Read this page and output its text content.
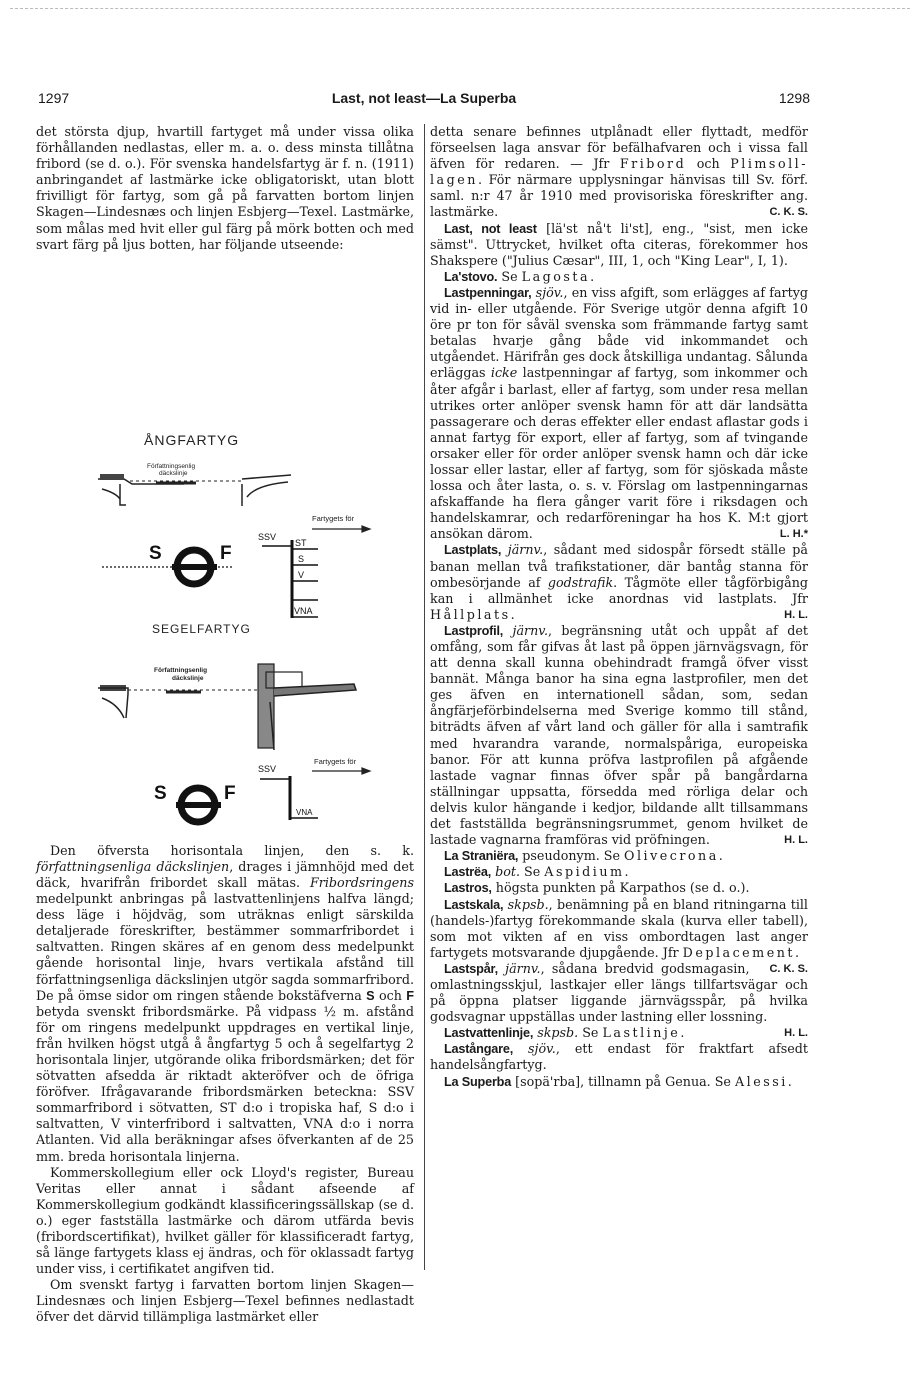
1297	Last, not least—La Superba	1298

det största djup, hvartill fartyget må under vissa olika förhållanden nedlastas, eller m. a. o. dess minsta tillåtna fribord (se d. o.). För svenska handelsfartyg är f. n. (1911) anbringandet af lastmärke icke obligatoriskt, utan blott frivilligt för fartyg, som gå på farvatten bortom linjen Skagen—Lindesnæs och linjen Esbjerg—Texel. Lastmärke, som målas med hvit eller gul färg på mörk botten och med svart färg på ljus botten, har följande utseende:

ÅNGFARTYG
Författningsenlig
däckslinje
Fartygets för
S	F
SSV
ST
S
V
VNA
SEGELFARTYG
Författningsenlig
däckslinje
Fartygets för
S	F
SSV
VNA

Den öfversta horisontala linjen, den s. k. författningsenliga däckslinjen, drages i jämnhöjd med det däck, hvarifrån fribordet skall mätas. Fribordsringens medelpunkt anbringas på lastvattenlinjens halfva längd; dess läge i höjdväg, som uträknas enligt särskilda detaljerade föreskrifter, bestämmer sommarfribordet i saltvatten. Ringen skäres af en genom dess medelpunkt gående horisontal linje, hvars vertikala afstånd till författningsenliga däckslinjen utgör sagda sommarfribord. De på ömse sidor om ringen stående bokstäfverna S och F betyda svenskt fribordsmärke. På vidpass ½ m. afstånd för om ringens medelpunkt uppdrages en vertikal linje, från hvilken högst utgå å ångfartyg 5 och å segelfartyg 2 horisontala linjer, utgörande olika fribordsmärken; det för sötvatten afsedda är riktadt akteröfver och de öfriga föröfver. Ifrågavarande fribordsmärken betecknа: SSV sommarfribord i sötvatten, ST d:o i tropiska haf, S d:o i saltvatten, V vinterfribord i saltvatten, VNA d:o i norra Atlanten. Vid alla beräkningar afses öfverkanten af de 25 mm. breda horisontala linjerna.

Kommerskollegium eller ock Lloyd's register, Bureau Veritas eller annat i sådant afseende af Kommerskollegium godkändt klassificeringssällskap (se d. o.) eger fastställa lastmärke och därom utfärda bevis (fribordscertifikat), hvilket gäller för klassificeradt fartyg, så länge fartygets klass ej ändras, och för oklassadt fartyg under viss, i certifikatet angifven tid.

Om svenskt fartyg i farvatten bortom linjen Skagen—Lindesnæs och linjen Esbjerg—Texel befinnes nedlastadt öfver det därvid tillämpliga lastmärket eller

detta senare befinnes utplånadt eller flyttadt, medför förseelsen laga ansvar för befälhafvaren och i vissa fall äfven för redaren. — Jfr Fribord och Plimsoll-lagen. För närmare upplysningar hänvisas till Sv. förf. saml. n:r 47 år 1910 med provisoriska föreskrifter ang. lastmärke.	C. K. S.

Last, not least [lä'st nå't li'st], eng., "sist, men icke sämst". Uttrycket, hvilket ofta citeras, förekommer hos Shakspere ("Julius Cæsar", III, 1, och "King Lear", I, 1).

La'stovo. Se Lagosta.

Lastpenningar, sjöv., en viss afgift, som erlägges af fartyg vid in- eller utgående. För Sverige utgör denna afgift 10 öre pr ton för såväl svenska som främmande fartyg samt betalas hvarje gång både vid inkommandet och utgåendet. Härifrån ges dock åtskilliga undantag. Sålunda erläggas icke lastpenningar af fartyg, som inkommer och åter afgår i barlast, eller af fartyg, som under resa mellan utrikes orter anlöper svensk hamn för att där landsätta passagerare och deras effekter eller endast aflastar gods i annat fartyg för export, eller af fartyg, som af tvingande orsaker eller för order anlöper svensk hamn och där icke lossar eller lastar, eller af fartyg, som för sjöskada måste lossa och åter lasta, o. s. v. Förslag om lastpenningarnas afskaffande ha flera gånger varit före i riksdagen och handelskamrar, och redarföreningar ha hos K. M:t gjort ansökan därom.	L. H.*

Lastplats, järnv., sådant med sidospår försedt ställe på banan mellan två trafikstationer, där bantåg stanna för ombesörjande af godstrafik. Tågmöte eller tågförbigång kan i allmänhet icke anordnas vid lastplats. Jfr Hållplats.	H. L.

Lastprofil, järnv., begränsning utåt och uppåt af det omfång, som får gifvas åt last på öppen järnvägsvagn, för att denna skall kunna obehindradt framgå öfver visst bannät. Många banor ha sina egna lastprofiler, men det ges äfven en internationell sådan, som, sedan ångfärjeförbindelserna med Sverige kommo till stånd, biträdts äfven af vårt land och gäller för alla i samtrafik med hvarandra varande, normalspåriga, europeiska banor. För att kunna pröfva lastprofilen på afgående lastade vagnar finnas öfver spår på bangårdarna ställningar uppsatta, försedda med rörliga delar och delvis kulor hängande i kedjor, bildande allt tillsammans det fastställda begränsningsrummet, genom hvilket de lastade vagnarna framföras vid pröfningen.	H. L.

La Straniëra, pseudonym. Se Olivecrona.

Lastrëa, bot. Se Aspidium.

Lastros, högsta punkten på Karpathos (se d. o.).

Lastskala, skpsb., benämning på en bland ritningarna till (handels-)fartyg förekommande skala (kurva eller tabell), som mot vikten af en viss ombordtagen last anger fartygets motsvarande djupgående. Jfr Deplacement.
C. K. S.

Lastspår, järnv., sådana bredvid godsmagasin, omlastningsskjul, lastkajer eller längs tillfartsvägar och på öppna platser liggande järnvägsspår, på hvilka godsvagnar uppställas under lastning eller lossning.
H. L.

Lastvattenlinje, skpsb. Se Lastlinje.

Lastångare, sjöv., ett endast för fraktfart afsedt handelsångfartyg.

La Superba [sopä'rba], tillnamn på Genua. Se Alessi.
